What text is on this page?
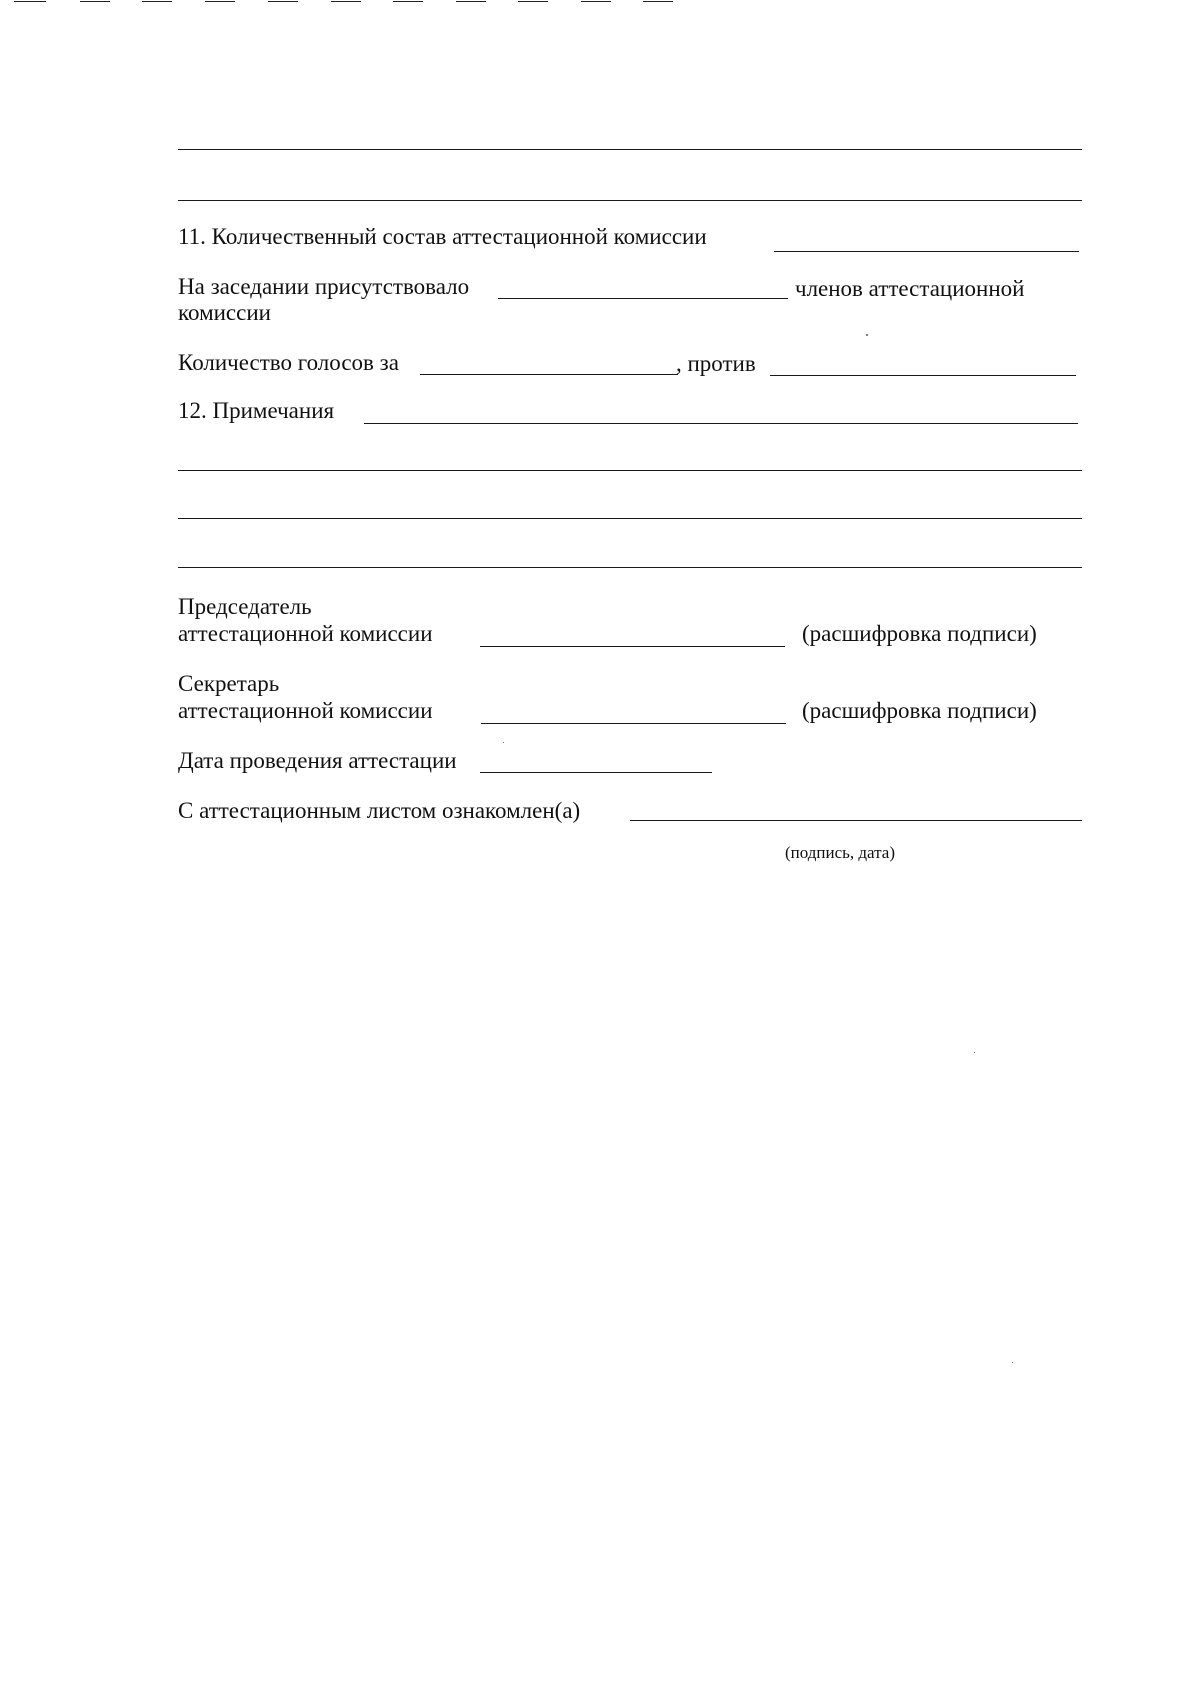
11. Количественный состав аттестационной комиссии
На заседании присутствовало	членов аттестационной
комиссии
Количество голосов за	, против
12. Примечания
Председатель
аттестационной комиссии	(расшифровка подписи)
Секретарь
аттестационной комиссии	(расшифровка подписи)
Дата проведения аттестации
С аттестационным листом ознакомлен(а)
(подпись, дата)
